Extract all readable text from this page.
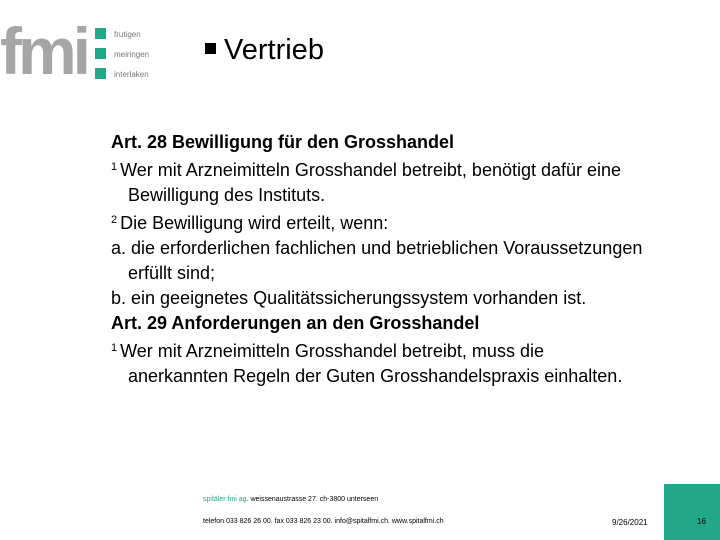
fmi	frutigen
meiringen
interlaken
Vertrieb
Art. 28 Bewilligung für den Grosshandel
$^1$ Wer mit Arzneimitteln Grosshandel betreibt, benötigt dafür eine
Bewilligung des Instituts.
$^2$ Die Bewilligung wird erteilt, wenn:
a. die erforderlichen fachlichen und betrieblichen Voraussetzungen
erfüllt sind;
b. ein geeignetes Qualitätssicherungssystem vorhanden ist.
Art. 29 Anforderungen an den Grosshandel
$^1$ Wer mit Arzneimitteln Grosshandel betreibt, muss die
anerkannten Regeln der Guten Grosshandelspraxis einhalten.
spitäler fmi ag. weissenaustrasse 27. ch-3800 unterseen
telefon 033 826 26 00. fax 033 826 23 00. info@spitalfmi.ch. www.spitalfmi.ch	9/26/2021	16
